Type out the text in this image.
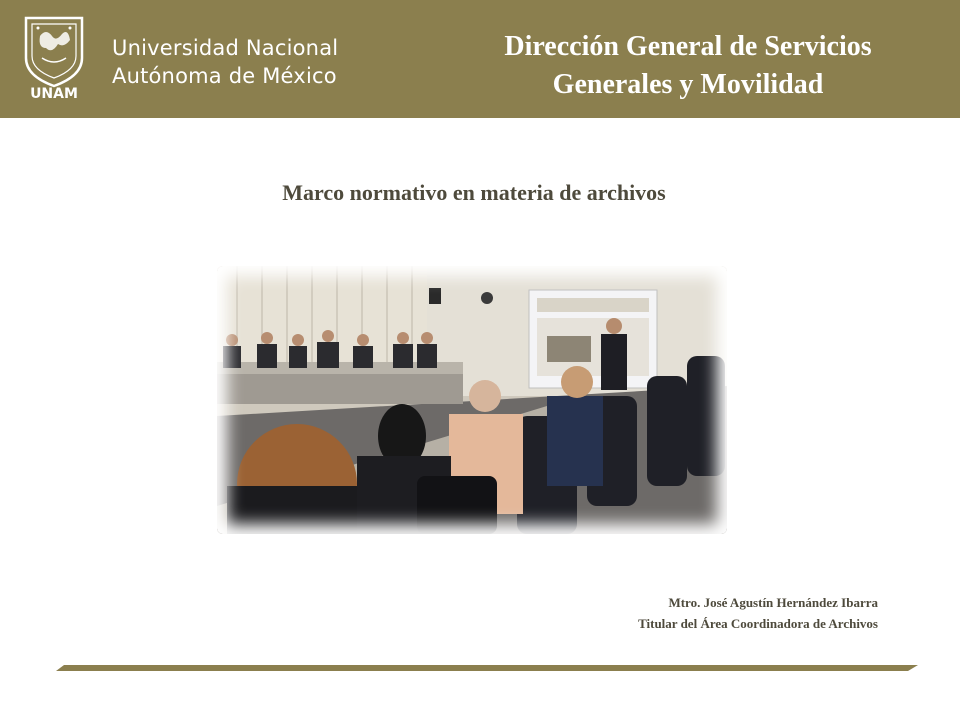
UNAM
Universidad Nacional
Autónoma de México
Dirección General de Servicios
Generales y Movilidad
Marco normativo en materia de archivos
Mtro. José Agustín Hernández Ibarra
Titular del Área Coordinadora de Archivos
